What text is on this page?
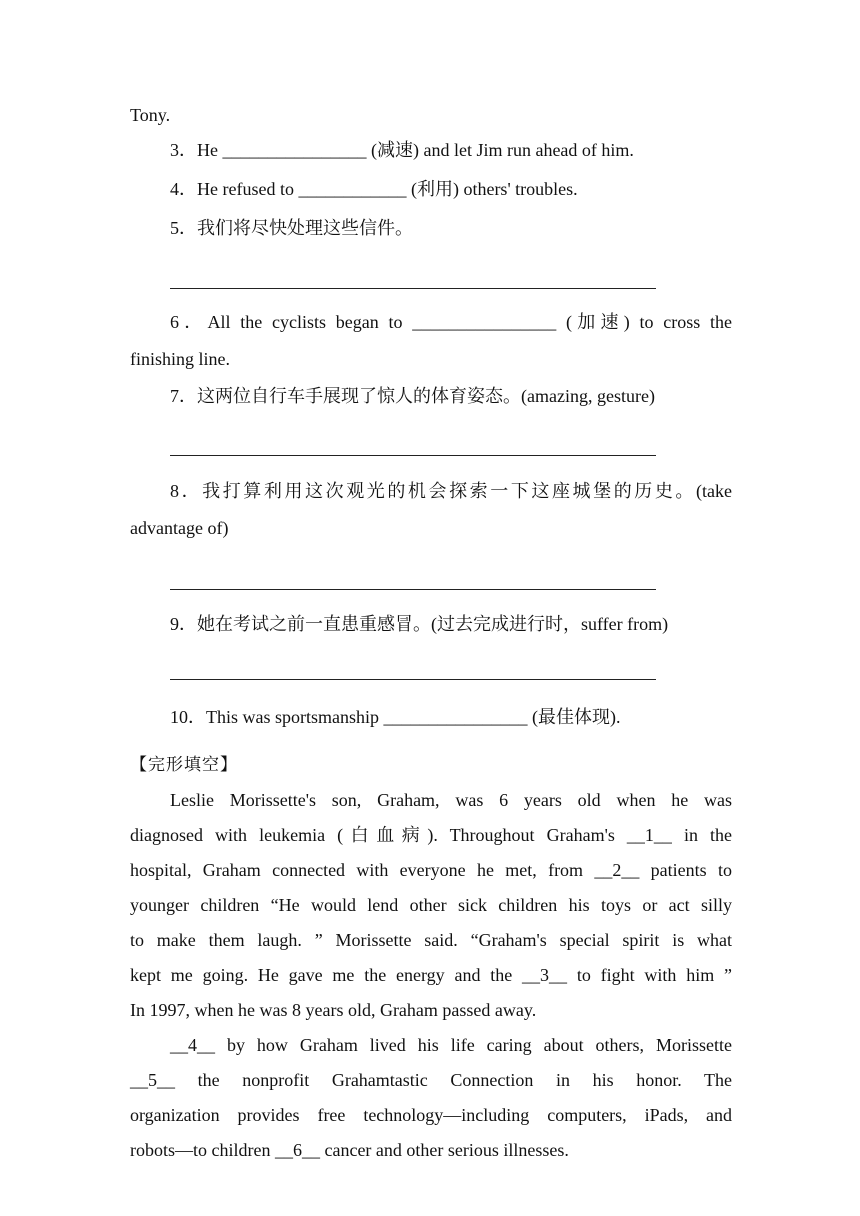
Tony.
3．He ________________ (减速) and let Jim run ahead of him.
4．He refused to ____________ (利用) others' troubles.
5．我们将尽快处理这些信件。
6．All the cyclists began to ________________ (加速) to cross the
finishing line.
7．这两位自行车手展现了惊人的体育姿态。(amazing, gesture)
8．我打算利用这次观光的机会探索一下这座城堡的历史。(take
advantage of)
9．她在考试之前一直患重感冒。(过去完成进行时，suffer from)
10．This was sportsmanship ________________ (最佳体现).
【完形填空】
Leslie Morissette's son, Graham, was 6 years old when he was
diagnosed with leukemia (白血病). Throughout Graham's __1__ in the
hospital, Graham connected with everyone he met, from __2__ patients to
younger children “He would lend other sick children his toys or act silly
to make them laugh. ” Morissette said. “Graham's special spirit is what
kept me going. He gave me the energy and the __3__ to fight with him ”
In 1997, when he was 8 years old, Graham passed away.
__4__ by how Graham lived his life caring about others, Morissette
__5__ the nonprofit Grahamtastic Connection in his honor. The
organization provides free technology—including computers, iPads, and
robots—to children __6__ cancer and other serious illnesses.
